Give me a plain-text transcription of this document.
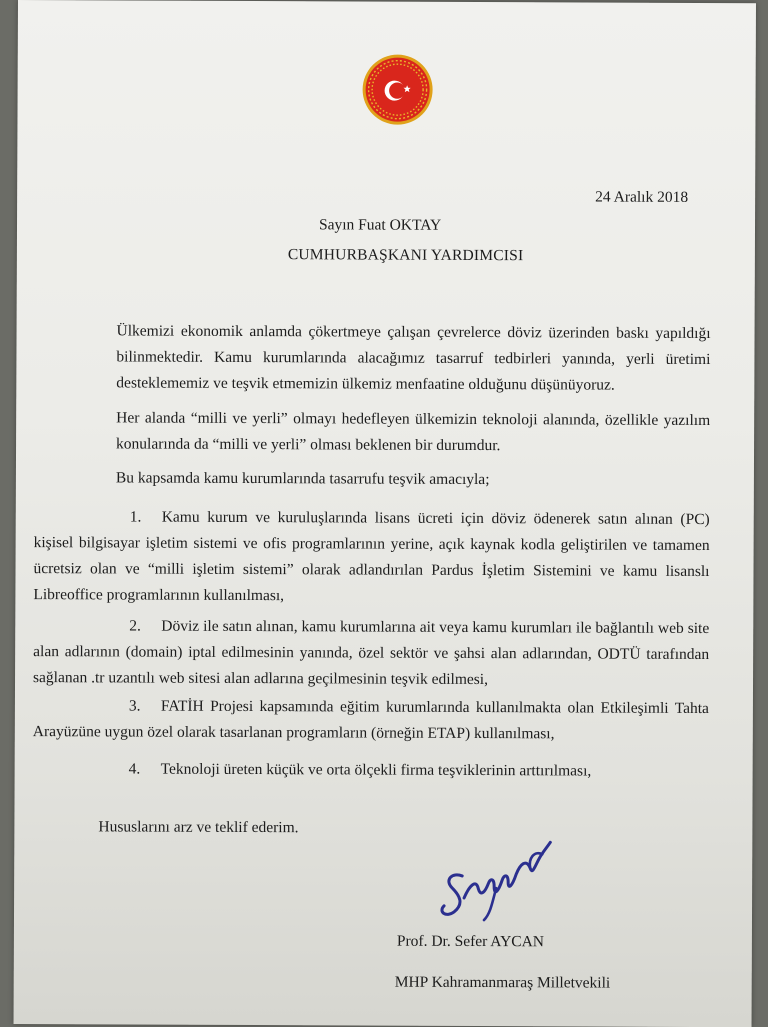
24 Aralık 2018
Sayın Fuat OKTAY
CUMHURBAŞKANI YARDIMCISI
Ülkemizi ekonomik anlamda çökertmeye çalışan çevrelerce döviz üzerinden baskı yapıldığı bilinmektedir. Kamu kurumlarında alacağımız tasarruf tedbirleri yanında, yerli üretimi desteklememiz ve teşvik etmemizin ülkemiz menfaatine olduğunu düşünüyoruz.
Her alanda “milli ve yerli” olmayı hedefleyen ülkemizin teknoloji alanında, özellikle yazılım konularında da “milli ve yerli” olması beklenen bir durumdur.
Bu kapsamda kamu kurumlarında tasarrufu teşvik amacıyla;
1.	Kamu kurum ve kuruluşlarında lisans ücreti için döviz ödenerek satın alınan (PC) kişisel bilgisayar işletim sistemi ve ofis programlarının yerine, açık kaynak kodla geliştirilen ve tamamen ücretsiz olan ve “milli işletim sistemi” olarak adlandırılan Pardus İşletim Sistemini ve kamu lisanslı Libreoffice programlarının kullanılması,
2.	Döviz ile satın alınan, kamu kurumlarına ait veya kamu kurumları ile bağlantılı web site alan adlarının (domain) iptal edilmesinin yanında, özel sektör ve şahsi alan adlarından, ODTÜ tarafından sağlanan .tr uzantılı web sitesi alan adlarına geçilmesinin teşvik edilmesi,
3.	FATİH Projesi kapsamında eğitim kurumlarında kullanılmakta olan Etkileşimli Tahta Arayüzüne uygun özel olarak tasarlanan programların (örneğin ETAP) kullanılması,
4.	Teknoloji üreten küçük ve orta ölçekli firma teşviklerinin arttırılması,
Hususlarını arz ve teklif ederim.
Prof. Dr. Sefer AYCAN
MHP Kahramanmaraş Milletvekili
